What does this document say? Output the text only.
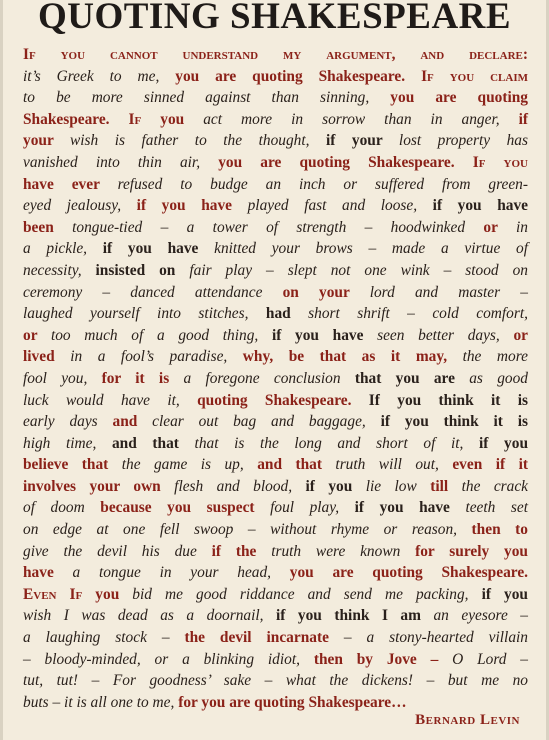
QUOTING SHAKESPEARE
If you cannot understand my argument, and declare:
it’s Greek to me, you are quoting Shakespeare. If you claim
to be more sinned against than sinning, you are quoting
Shakespeare. If you act more in sorrow than in anger, if
your wish is father to the thought, if your lost property has
vanished into thin air, you are quoting Shakespeare. If you
have ever refused to budge an inch or suffered from green-
eyed jealousy, if you have played fast and loose, if you have
been tongue-tied – a tower of strength – hoodwinked or in
a pickle, if you have knitted your brows – made a virtue of
necessity, insisted on fair play – slept not one wink – stood on
ceremony – danced attendance on your lord and master –
laughed yourself into stitches, had short shrift – cold comfort,
or too much of a good thing, if you have seen better days, or
lived in a fool’s paradise, why, be that as it may, the more
fool you, for it is a foregone conclusion that you are as good
luck would have it, quoting Shakespeare. If you think it is
early days and clear out bag and baggage, if you think it is
high time, and that that is the long and short of it, if you
believe that the game is up, and that truth will out, even if it
involves your own flesh and blood, if you lie low till the crack
of doom because you suspect foul play, if you have teeth set
on edge at one fell swoop – without rhyme or reason, then to
give the devil his due if the truth were known for surely you
have a tongue in your head, you are quoting Shakespeare.
Even If you bid me good riddance and send me packing, if you
wish I was dead as a doornail, if you think I am an eyesore –
a laughing stock – the devil incarnate – a stony-hearted villain
– bloody-minded, or a blinking idiot, then by Jove – O Lord –
tut, tut! – For goodness’ sake – what the dickens! – but me no
buts – it is all one to me, for you are quoting Shakespeare…
Bernard Levin
